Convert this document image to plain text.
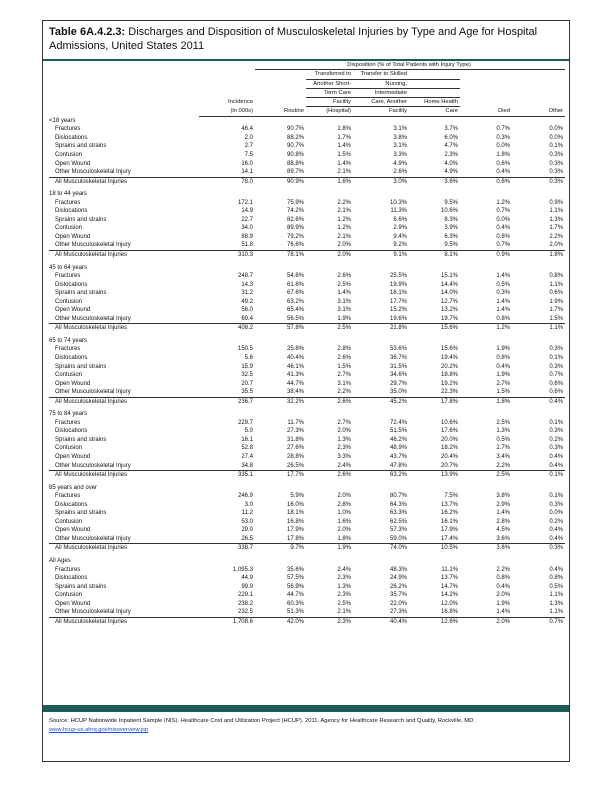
Table 6A.4.2.3: Discharges and Disposition of Musculoskeletal Injuries by Type and Age for Hospital Admissions, United States 2011
		Disposition (% of Total Patients with Injury Type)					
			Transferred to	Transfer to Skilled			
			Another Short-	Nursing,			
			Term Care	Intermediate			
	Incidence		Facility	Care, Another	Home Health		
	(in 000s)	Routine	(Hospital)	Facility	Care	Died	Other
<18 years							
Fractures	46.4	90.7%	1.8%	3.1%	3.7%	0.7%	0.0%
Dislocations	2.0	88.2%	1.7%	3.8%	6.0%	0.3%	0.0%
Sprains and strains	2.7	90.7%	1.4%	3.1%	4.7%	0.0%	0.1%
Contusion	7.5	90.8%	1.5%	3.3%	2.3%	1.8%	0.3%
Open Wound	16.0	88.8%	1.4%	4.9%	4.0%	0.6%	0.3%
Other Musculoskeletal Injury	14.1	89.7%	2.1%	2.6%	4.9%	0.4%	0.3%
All Musculoskeletal Injuries	78.0	90.9%	1.6%	3.0%	3.6%	0.6%	0.3%

18 to 44 years							
Fractures	172.1	75.9%	2.2%	10.3%	9.5%	1.2%	0.9%
Dislocations	14.9	74.2%	2.1%	11.3%	10.6%	0.7%	1.1%
Sprains and strains	22.7	82.6%	1.2%	6.6%	8.3%	0.0%	1.3%
Contusion	34.0	89.9%	1.2%	2.9%	3.9%	0.4%	1.7%
Open Wound	88.9	79.2%	2.1%	9.4%	6.3%	0.8%	2.2%
Other Musculoskeletal Injury	51.8	76.6%	2.0%	9.2%	9.5%	0.7%	2.0%
All Musculoskeletal Injuries	310.3	78.1%	2.0%	9.1%	8.1%	0.9%	1.8%

45 to 64 years							
Fractures	248.7	54.6%	2.6%	25.5%	15.1%	1.4%	0.8%
Dislocations	14.3	61.6%	2.5%	19.9%	14.4%	0.5%	1.1%
Sprains and strains	31.2	67.6%	1.4%	16.1%	14.0%	0.3%	0.6%
Contusion	49.2	63.2%	3.1%	17.7%	12.7%	1.4%	1.9%
Open Wound	56.0	65.4%	3.1%	15.2%	13.2%	1.4%	1.7%
Other Musculoskeletal Injury	69.4	56.5%	1.9%	19.6%	19.7%	0.8%	1.5%
All Musculoskeletal Injuries	408.2	57.8%	2.5%	21.8%	15.6%	1.2%	1.1%

65 to 74 years							
Fractures	150.5	25.8%	2.8%	53.6%	15.6%	1.9%	0.3%
Dislocations	5.6	40.4%	2.6%	36.7%	19.4%	0.8%	0.1%
Sprains and strains	15.9	46.1%	1.5%	31.5%	20.2%	0.4%	0.3%
Contusion	32.5	41.3%	2.7%	34.6%	18.8%	1.9%	0.7%
Open Wound	20.7	44.7%	3.1%	29.7%	19.2%	2.7%	0.6%
Other Musculoskeletal Injury	35.5	38.4%	2.2%	35.0%	22.3%	1.5%	0.6%
All Musculoskeletal Injuries	236.7	32.2%	2.6%	45.2%	17.8%	1.8%	0.4%

75 to 84 years							
Fractures	229.7	11.7%	2.7%	72.4%	10.6%	2.5%	0.1%
Dislocations	5.0	27.3%	2.0%	51.5%	17.6%	1.3%	0.3%
Sprains and strains	16.1	31.8%	1.3%	46.2%	20.0%	0.5%	0.2%
Contusion	52.8	27.6%	2.3%	48.9%	18.2%	2.7%	0.3%
Open Wound	27.4	28.8%	3.3%	43.7%	20.4%	3.4%	0.4%
Other Musculoskeletal Injury	34.8	26.5%	2.4%	47.8%	20.7%	2.2%	0.4%
All Musculoskeletal Injuries	335.1	17.7%	2.6%	63.2%	13.9%	2.5%	0.1%

85 years and over							
Fractures	246.9	5.9%	2.0%	80.7%	7.5%	3.8%	0.1%
Dislocations	3.0	16.0%	2.8%	64.3%	13.7%	2.9%	0.3%
Sprains and strains	11.2	18.1%	1.0%	63.3%	16.2%	1.4%	0.0%
Contusion	53.0	16.8%	1.6%	62.5%	16.1%	2.8%	0.2%
Open Wound	29.0	17.9%	2.0%	57.3%	17.9%	4.5%	0.4%
Other Musculoskeletal Injury	26.5	17.8%	1.8%	59.0%	17.4%	3.6%	0.4%
All Musculoskeletal Injuries	338.7	9.7%	1.9%	74.0%	10.5%	3.6%	0.3%

All Ages							
Fractures	1,095.3	35.6%	2.4%	48.3%	11.1%	2.2%	0.4%
Dislocations	44.9	57.5%	2.3%	24.9%	13.7%	0.8%	0.8%
Sprains and strains	99.9	56.9%	1.3%	26.2%	14.7%	0.4%	0.5%
Contusion	229.1	44.7%	2.3%	35.7%	14.2%	2.0%	1.1%
Open Wound	238.2	60.3%	2.5%	22.0%	12.0%	1.9%	1.3%
Other Musculoskeletal Injury	232.5	51.3%	2.1%	27.3%	16.8%	1.4%	1.1%
All Musculoskeletal Injuries	1,708.6	42.0%	2.3%	40.4%	12.6%	2.0%	0.7%
Source: HCUP Nationwide Inpatient Sample (NIS). Healthcare Cost and Utilization Project (HCUP). 2011. Agency for Healthcare Research and Quality, Rockville, MD.
www.hcup-us.ahrq.gov/nisoverview.jsp
